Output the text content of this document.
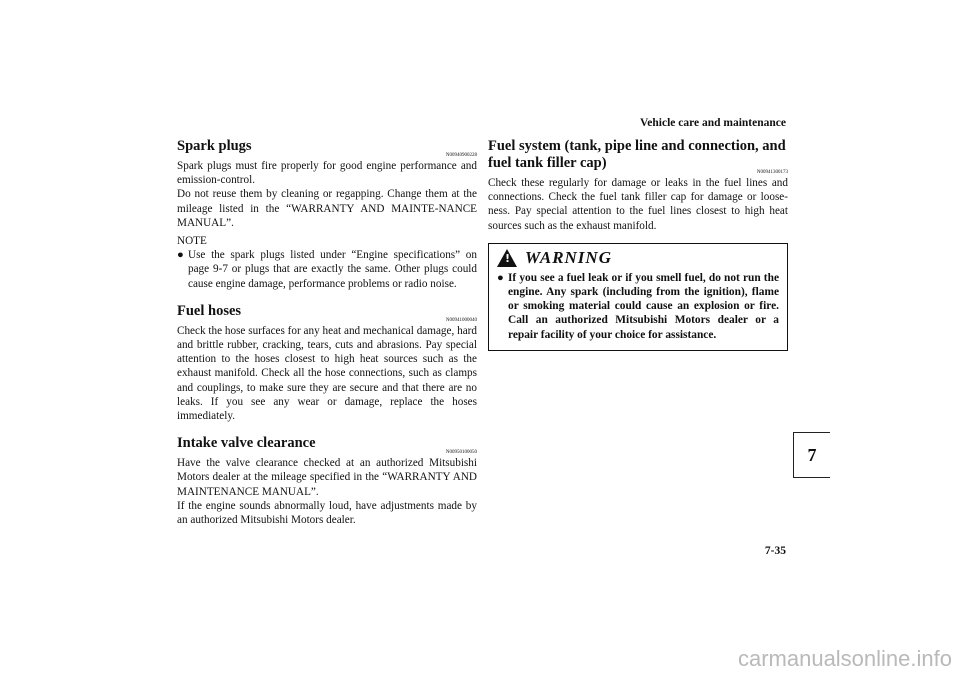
Vehicle care and maintenance
Spark plugs
N00940900228

Spark plugs must fire properly for good engine performance and emission-control.

Do not reuse them by cleaning or regapping. Change them at the mileage listed in the “WARRANTY AND MAINTE-NANCE MANUAL”.

NOTE
● Use the spark plugs listed under “Engine specifications” on page 9-7 or plugs that are exactly the same. Other plugs could cause engine damage, performance problems or radio noise.
Fuel hoses
N00941000040

Check the hose surfaces for any heat and mechanical damage, hard and brittle rubber, cracking, tears, cuts and abrasions. Pay special attention to the hoses closest to high heat sources such as the exhaust manifold. Check all the hose connections, such as clamps and couplings, to make sure they are secure and that there are no leaks. If you see any wear or damage, replace the hoses immediately.

Intake valve clearance
N00950100050

Have the valve clearance checked at an authorized Mitsubishi Motors dealer at the mileage specified in the “WARRANTY AND MAINTENANCE MANUAL”.

If the engine sounds abnormally loud, have adjustments made by an authorized Mitsubishi Motors dealer.

Fuel system (tank, pipe line and connection, and fuel tank filler cap)
N00941300173

Check these regularly for damage or leaks in the fuel lines and connections. Check the fuel tank filler cap for damage or loose-ness. Pay special attention to the fuel lines closest to high heat sources such as the exhaust manifold.

! WARNING
● If you see a fuel leak or if you smell fuel, do not run the engine. Any spark (including from the ignition), flame or smoking material could cause an explosion or fire. Call an authorized Mitsubishi Motors dealer or a repair facility of your choice for assistance.
7
7-35
carmanualsonline.info
